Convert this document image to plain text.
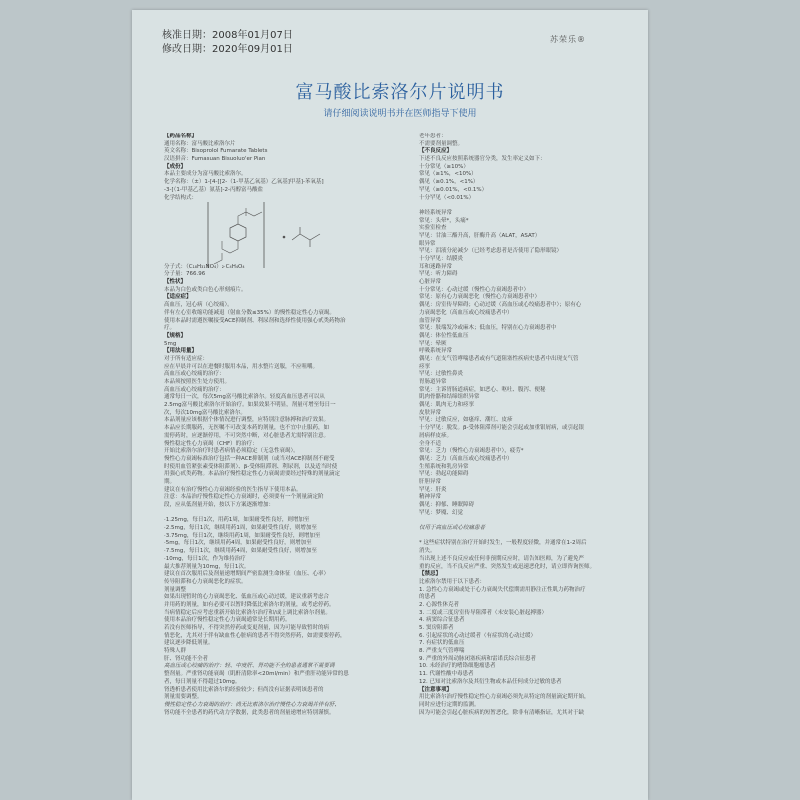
核准日期：2008年01月07日
修改日期：2020年09月01日
苏荣乐®
富马酸比索洛尔片说明书
请仔细阅读说明书并在医师指导下使用
【药品名称】
通用名称：富马酸比索洛尔片
英文名称：Bisoprolol Fumarate Tablets
汉语拼音：Fumasuan Bisuoluo'er Pian
【成份】
本品主要成分为富马酸比索洛尔。
化学名称：（±）1-[4-[[2-（1-甲基乙氧基）乙氧基]甲基]-苯氧基]
-3-[（1-甲基乙基）氨基]-2-丙醇富马酸盐
化学结构式：
分子式：（C₁₈H₃₁NO₄）₂·C₄H₄O₄
分子量：766.96
【性状】
本品为白色或类白色心形刻痕片。
【适应症】
高血压，冠心病（心绞痛）。
伴有左心室收缩功能减退（射血分数≤35%）的慢性稳定性心力衰竭。
使用本品时需遵医嘱接受ACE抑制剂、利尿剂和选择性使用强心甙类药物治
疗。
【规格】
5mg
【用法用量】
对于所有适应症：
应在早晨并可以在进餐时服用本品，用水整片送服，不应咀嚼。
高血压或心绞痛的治疗：
本品须按照医生处方使用。
高血压或心绞痛的治疗：
通常每日一次，每次5mg富马酸比索洛尔。轻度高血压患者可以从
2.5mg富马酸比索洛尔开始治疗。如果效果不明显，剂量可增至每日一
次，每次10mg富马酸比索洛尔。
本品剂量应该根据个体情况进行调整，应特别注意脉搏和治疗效果。
本品应长期服药，无医嘱不可改变本药的剂量，也不宜中止服药，如
需停药时，应逐渐停用，不可突然中断，对心脏患者尤需特别注意。
慢性稳定性心力衰竭（CHF）的治疗：
开始比索洛尔治疗时患者病情必须稳定（无急性衰竭）。
慢性心力衰竭标准治疗包括一种ACE抑制剂（或当对ACE抑制剂不耐受
时使用血管紧张素受体阻滞剂）、β-受体阻滞剂、利尿剂，以及适当时使
用强心甙类药物。本品治疗慢性稳定性心力衰竭需要经过特殊的剂量滴定
期。
建议在有治疗慢性心力衰竭经验的医生指导下使用本品。
注意：本品治疗慢性稳定性心力衰竭时，必须要有一个剂量滴定阶
段，应从低剂量开始，按以下方案逐渐增加：
·1.25mg，每日1次，用药1周，如果耐受性良好，则增加至
·2.5mg，每日1次，继续用药1周，如果耐受性良好，则增加至
·3.75mg，每日1次，继续用药1周，如果耐受性良好，则增加至
·5mg，每日1次，继续用药4周，如果耐受性良好，则增加至
·7.5mg，每日1次，继续用药4周，如果耐受性良好，则增加至
·10mg，每日1次，作为维持治疗
最大推荐剂量为10mg，每日1次。
建议在首次服用后及剂量递增期间严密监测生命体征（血压、心率）
传导阻滞和心力衰竭恶化的症状。
剂量调整
如果出现暂时的心力衰竭恶化、低血压或心动过缓，建议重新考虑合
并用药的剂量，如有必要可以暂时降低比索洛尔的剂量，或考虑停药。
当病情稳定后应考虑重新开始比索洛尔治疗和/或上调比索洛尔剂量。
使用本品治疗慢性稳定性心力衰竭通常是长期用药。
若没有医师指导，不得突然停药或变更剂量，因为可能导致暂时的病
情恶化，尤其对于伴有缺血性心脏病的患者不得突然停药，如需要要停药，
建议逐步降低剂量。
特殊人群
肝、肾功能不全者
高血压或心绞痛的治疗：轻、中度肝、肾功能不全的患者通常不需要调
整剂量。严重肾功能衰竭（肌酐清除率<20ml/min）和严重肝功能异常的患
者，每日剂量不得超过10mg。
肾透析患者使用比索洛尔的经验较少；但尚没有证据表明该患者的
剂量需要调整。
慢性稳定性心力衰竭的治疗：尚无比索洛尔治疗慢性心力衰竭并伴有肝、
肾功能不全患者的药代动力学数据，此类患者的剂量递增应特别谨慎。
老年患者：
不需要剂量调整。
【不良反应】
下述不良反应按照系统器官分类，发生率定义如下：
十分常见（≥10%）
常见（≥1%，<10%）
偶见（≥0.1%，<1%）
罕见（≥0.01%，<0.1%）
十分罕见（<0.01%）
神经系统异常
常见：头晕*，头痛*
实验室检查
罕见：甘油三酯升高，肝酶升高（ALAT，ASAT）
眼异常
罕见：泪液分泌减少（已经考虑患者是否使用了隐形眼镜）
十分罕见：结膜炎
耳和迷路异常
罕见：听力障碍
心脏异常
十分常见：心动过缓（慢性心力衰竭患者中）
常见：原有心力衰竭恶化（慢性心力衰竭患者中）
偶见：房室传导障碍；心动过缓（高血压或心绞痛患者中）；原有心
力衰竭恶化（高血压或心绞痛患者中）
血管异常
常见：肢端发冷或麻木；低血压，特别在心力衰竭患者中
偶见：体位性低血压
罕见：晕厥
呼吸系统异常
偶见：在支气管哮喘患者或有气道阻塞性疾病史患者中出现支气管
痉挛
罕见：过敏性鼻炎
胃肠道异常
常见：主诉胃肠道病症，如恶心、呕吐、腹泻、便秘
肌肉骨骼和结缔组织异常
偶见：肌肉无力和痉挛
皮肤异常
罕见：过敏反应，如瘙痒、潮红、皮疹
十分罕见：脱发。β-受体阻滞剂可能会引起或加重银屑病，或引起银
屑病样皮疹。
全身不适
常见：乏力（慢性心力衰竭患者中），疲劳*
偶见：乏力（高血压或心绞痛患者中）
生殖系统和乳房异常
罕见：勃起功能障碍
肝胆异常
罕见：肝炎
精神异常
偶见：抑郁、睡眠障碍
罕见：梦魇、幻觉
仅用于高血压或心绞痛患者
* 这些症状特别在治疗开始时发生，一般程度轻微，并通常在1-2周后
消失。
当出现上述不良反应或任何非预期反应时，请告知医师，为了避免严
重的反应，当不良反应严重、突然发生或迅速恶化时，请立即咨询医师。
【禁忌】
比索洛尔禁用于以下患者：
1. 急性心力衰竭或处于心力衰竭失代偿期需用静注正性肌力药物治疗
的患者
2. 心源性休克者
3. 二度或三度房室传导阻滞者（未安装心脏起搏器）
4. 病窦综合征患者
5. 窦房阻滞者
6. 引起症状的心动过缓者（有症状的心动过缓）
7. 有症状的低血压
8. 严重支气管哮喘
9. 严重的外周动脉闭塞疾病和雷诺氏综合征患者
10. 未经治疗的嗜铬细胞瘤患者
11. 代谢性酸中毒患者
12. 已知对比索洛尔及其衍生物或本品任何成分过敏的患者
【注意事项】
用比索洛尔治疗慢性稳定性心力衰竭必须先从特定的剂量滴定期开始，
同时应进行定期的监测。
因为可能会引起心脏疾病的短暂恶化，除非有清晰指证，尤其对于缺
